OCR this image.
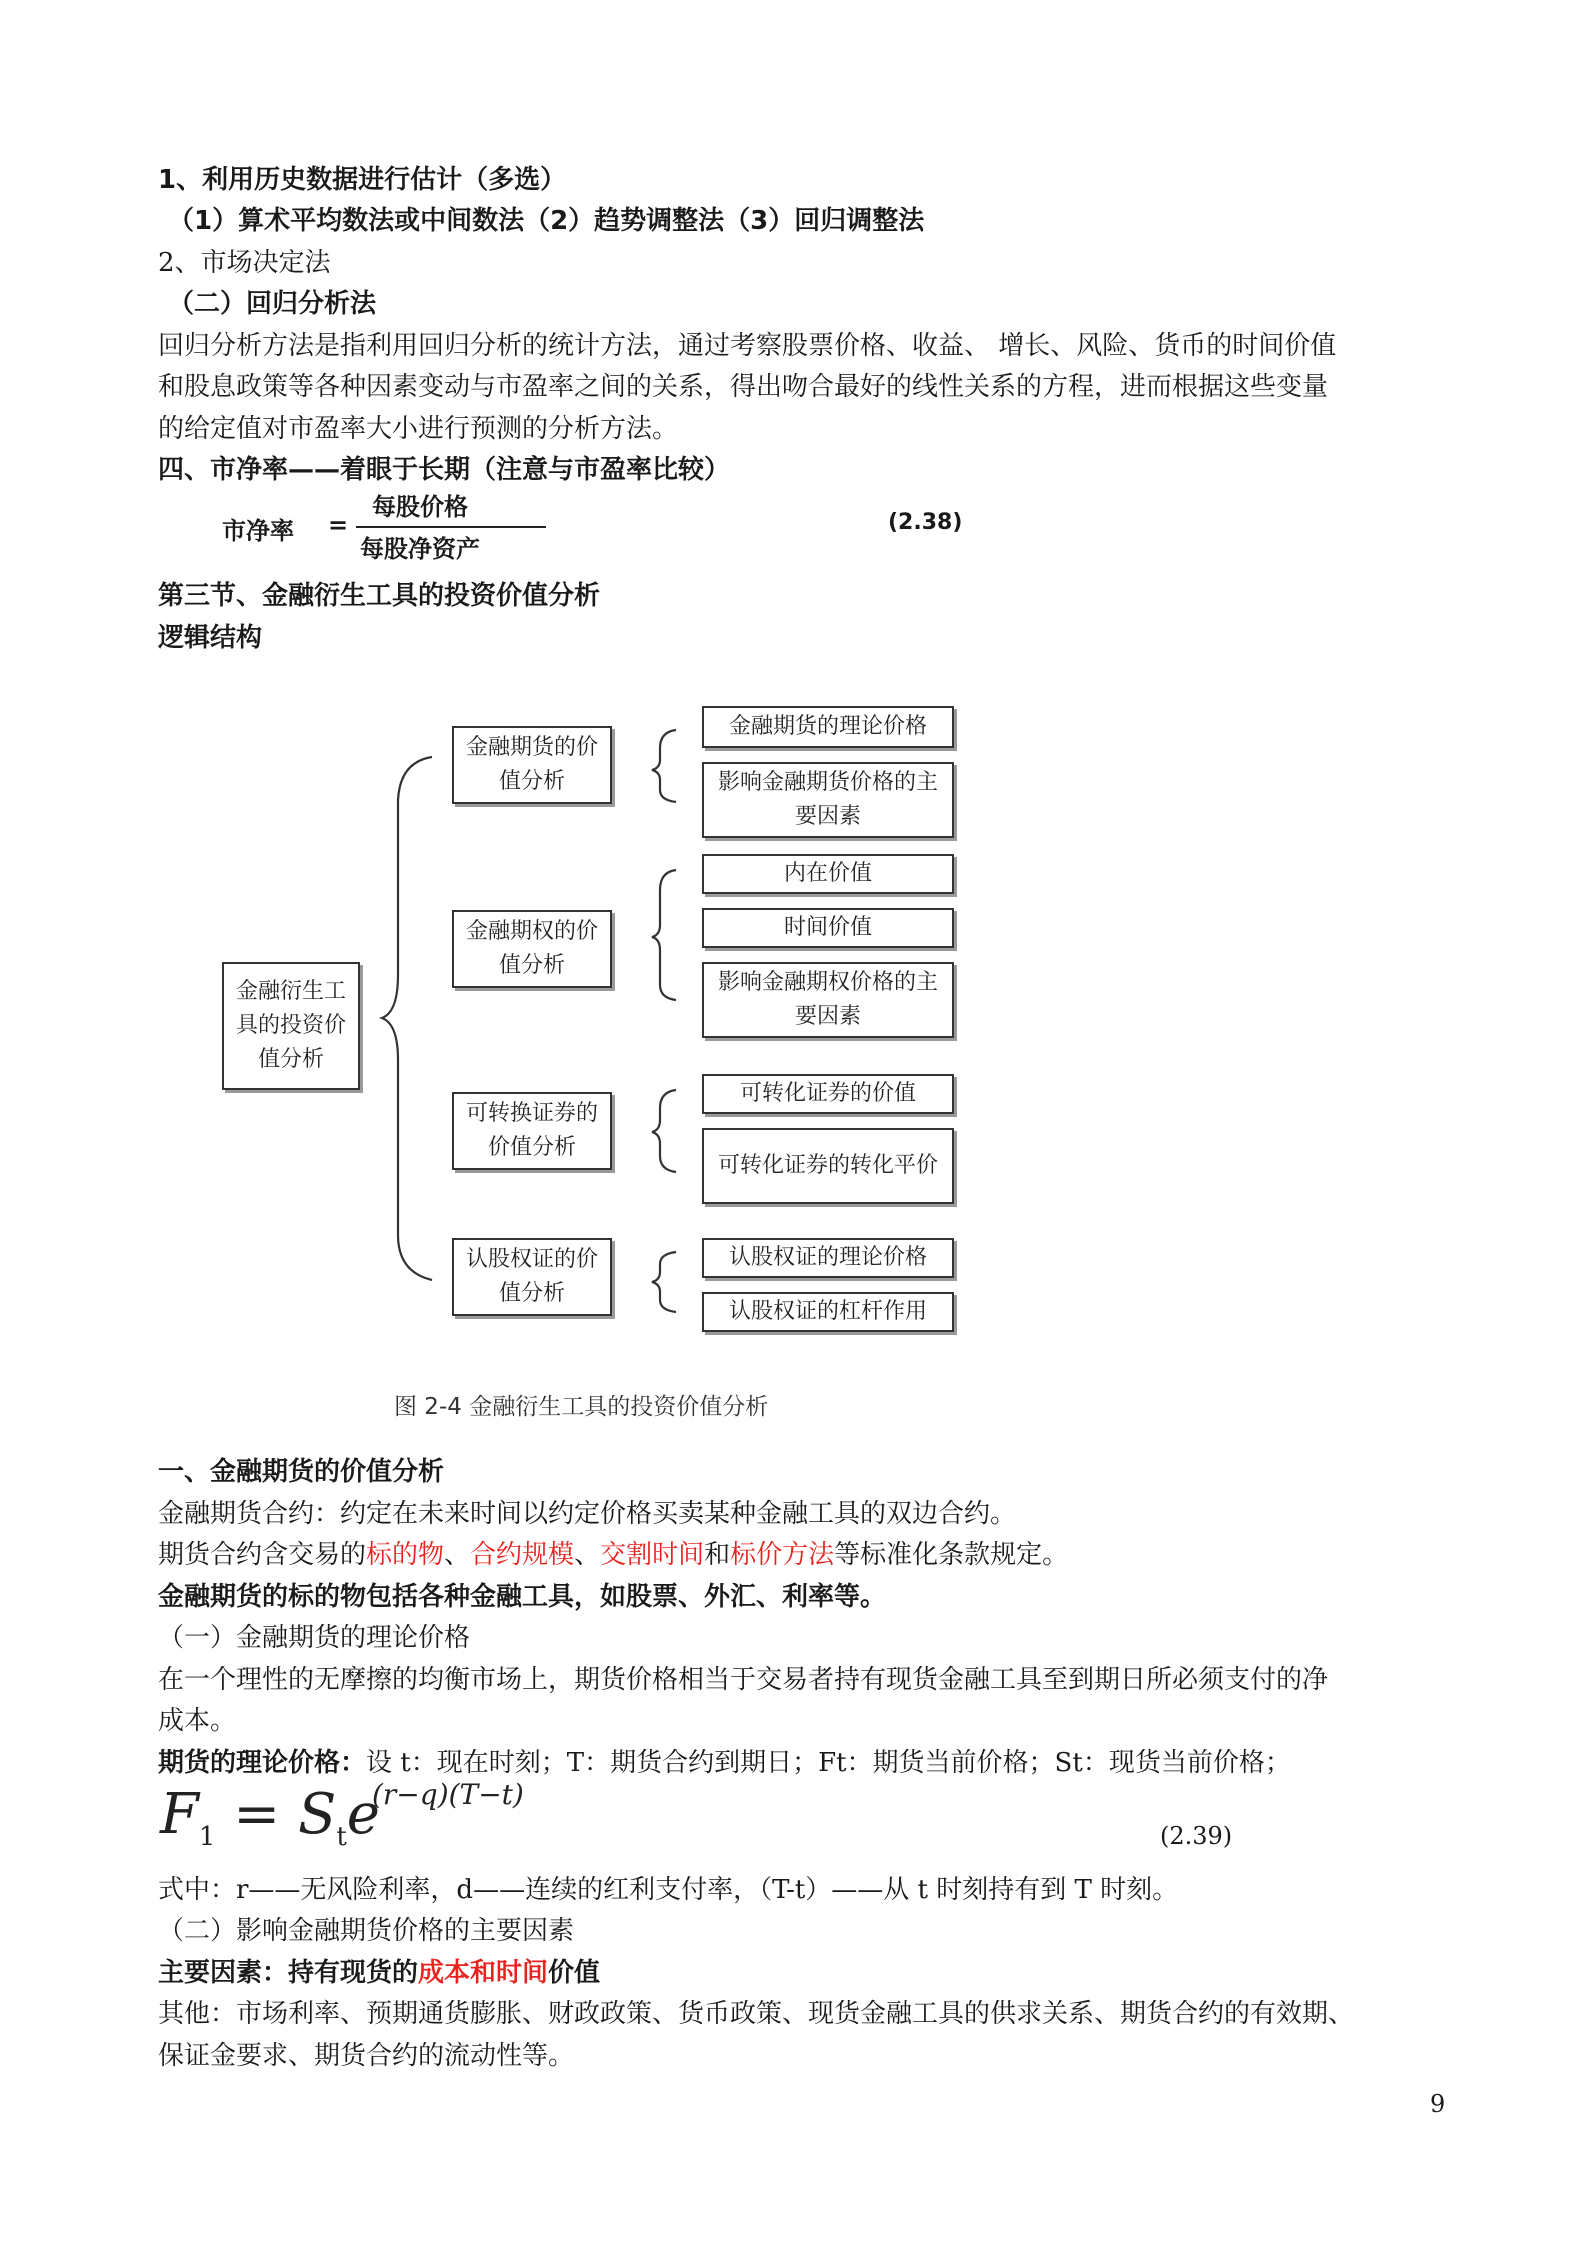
1、利用历史数据进行估计（多选）
（1）算术平均数法或中间数法（2）趋势调整法（3）回归调整法
2、市场决定法
（二）回归分析法
回归分析方法是指利用回归分析的统计方法，通过考察股票价格、收益、 增长、风险、货币的时间价值
和股息政策等各种因素变动与市盈率之间的关系，得出吻合最好的线性关系的方程，进而根据这些变量
的给定值对市盈率大小进行预测的分析方法。
四、市净率——着眼于长期（注意与市盈率比较）
市净率 =
每股价格
每股净资产
(2.38)
第三节、金融衍生工具的投资价值分析
逻辑结构
金融衍生工具的投资价值分析
金融期货的价值分析
金融期货的理论价格
影响金融期货价格的主要因素
金融期权的价值分析
内在价值
时间价值
影响金融期权价格的主要因素
可转换证券的价值分析
可转化证券的价值
可转化证券的转化平价
认股权证的价值分析
认股权证的理论价格
认股权证的杠杆作用
图 2-4 金融衍生工具的投资价值分析
一、金融期货的价值分析
金融期货合约：约定在未来时间以约定价格买卖某种金融工具的双边合约。
期货合约含交易的标的物、合约规模、交割时间和标价方法等标准化条款规定。
金融期货的标的物包括各种金融工具，如股票、外汇、利率等。
（一）金融期货的理论价格
在一个理性的无摩擦的均衡市场上，期货价格相当于交易者持有现货金融工具至到期日所必须支付的净
成本。
期货的理论价格：设 t：现在时刻；T：期货合约到期日；Ft：期货当前价格；St：现货当前价格；
$F_1 = S_te$
(r−q)(T−t)
(2.39)
式中：r——无风险利率，d——连续的红利支付率，（T-t）——从 t 时刻持有到 T 时刻。
（二）影响金融期货价格的主要因素
主要因素：持有现货的成本和时间价值
其他：市场利率、预期通货膨胀、财政政策、货币政策、现货金融工具的供求关系、期货合约的有效期、
保证金要求、期货合约的流动性等。
9
